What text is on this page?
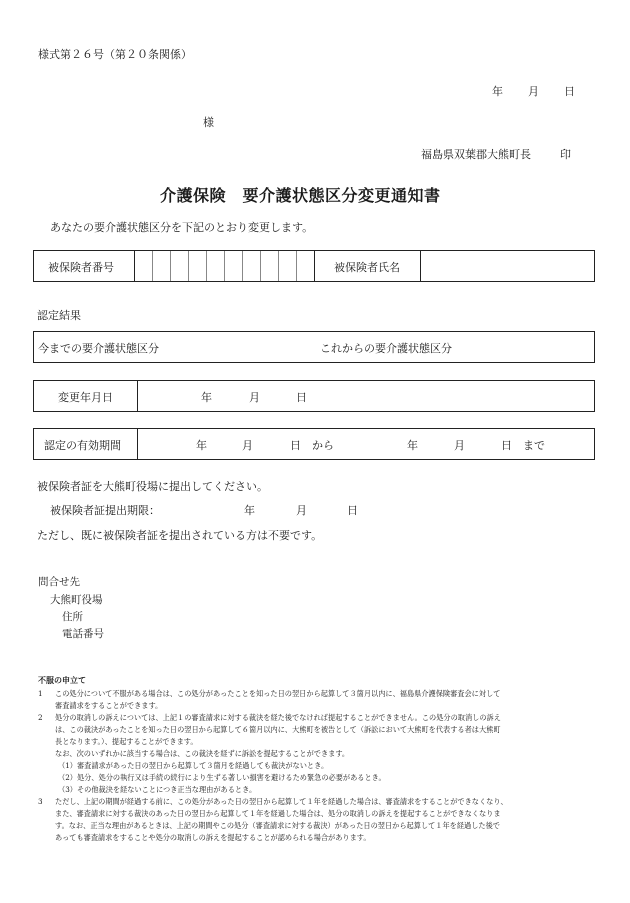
様式第２６号（第２０条関係）
年 月 日
様
福島県双葉郡大熊町長	印
介護保険　要介護状態区分変更通知書
あなたの要介護状態区分を下記のとおり変更します。
被保険者番号	被保険者氏名
認定結果
今までの要介護状態区分	これからの要介護状態区分
変更年月日	年	月	日
認定の有効期間	年	月	日　から	年	月	日　まで
被保険者証を大熊町役場に提出してください。
被保険者証提出期限：	年	月	日
ただし、既に被保険者証を提出されている方は不要です。
問合せ先
大熊町役場
住所
電話番号
不服の申立て
1 この処分について不服がある場合は、この処分があったことを知った日の翌日から起算して３箇月以内に、福島県介護保険審査会に対して
審査請求をすることができます。
2 処分の取消しの訴えについては、上記１の審査請求に対する裁決を経た後でなければ提起することができません。この処分の取消しの訴え
は、この裁決があったことを知った日の翌日から起算して６箇月以内に、大熊町を被告として（訴訟において大熊町を代表する者は大熊町
長となります。）、提起することができます。
なお、次のいずれかに該当する場合は、この裁決を経ずに訴訟を提起することができます。
（1）審査請求があった日の翌日から起算して３箇月を経過しても裁決がないとき。
（2）処分、処分の執行又は手続の続行により生ずる著しい損害を避けるため緊急の必要があるとき。
（3）その他裁決を経ないことにつき正当な理由があるとき。
3 ただし、上記の期間が経過する前に、この処分があった日の翌日から起算して１年を経過した場合は、審査請求をすることができなくなり、
また、審査請求に対する裁決のあった日の翌日から起算して１年を経過した場合は、処分の取消しの訴えを提起することができなくなりま
す。なお、正当な理由があるときは、上記の期間やこの処分（審査請求に対する裁決）があった日の翌日から起算して１年を経過した後で
あっても審査請求をすることや処分の取消しの訴えを提起することが認められる場合があります。
